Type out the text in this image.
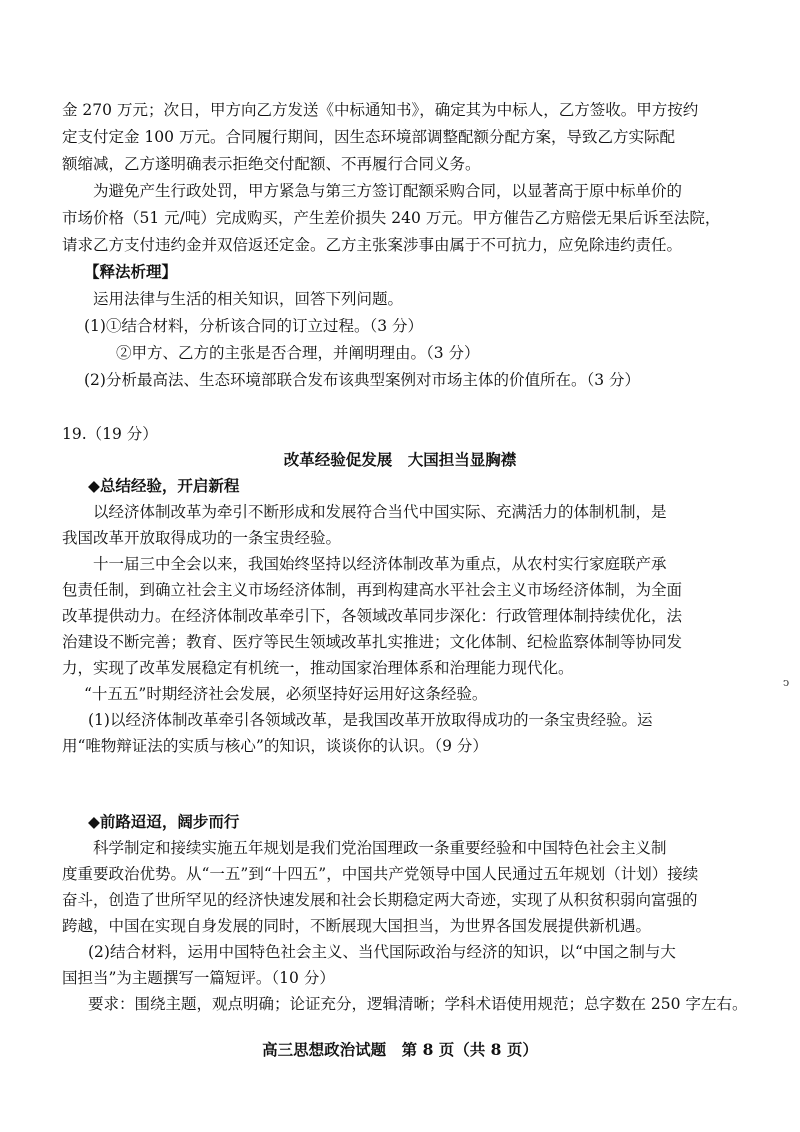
金 270 万元；次日，甲方向乙方发送《中标通知书》，确定其为中标人，乙方签收。甲方按约
定支付定金 100 万元。合同履行期间，因生态环境部调整配额分配方案，导致乙方实际配
额缩减，乙方遂明确表示拒绝交付配额、不再履行合同义务。
为避免产生行政处罚，甲方紧急与第三方签订配额采购合同，以显著高于原中标单价的
市场价格（51 元/吨）完成购买，产生差价损失 240 万元。甲方催告乙方赔偿无果后诉至法院，
请求乙方支付违约金并双倍返还定金。乙方主张案涉事由属于不可抗力，应免除违约责任。
【释法析理】
运用法律与生活的相关知识，回答下列问题。
(1)①结合材料，分析该合同的订立过程。（3 分）
②甲方、乙方的主张是否合理，并阐明理由。（3 分）
(2)分析最高法、生态环境部联合发布该典型案例对市场主体的价值所在。（3 分）
19.（19 分）
改革经验促发展　大国担当显胸襟
◆总结经验，开启新程
以经济体制改革为牵引不断形成和发展符合当代中国实际、充满活力的体制机制，是
我国改革开放取得成功的一条宝贵经验。
十一届三中全会以来，我国始终坚持以经济体制改革为重点，从农村实行家庭联产承
包责任制，到确立社会主义市场经济体制，再到构建高水平社会主义市场经济体制，为全面
改革提供动力。在经济体制改革牵引下，各领域改革同步深化：行政管理体制持续优化，法
治建设不断完善；教育、医疗等民生领域改革扎实推进；文化体制、纪检监察体制等协同发
力，实现了改革发展稳定有机统一，推动国家治理体系和治理能力现代化。
“十五五”时期经济社会发展，必须坚持好运用好这条经验。
(1)以经济体制改革牵引各领域改革，是我国改革开放取得成功的一条宝贵经验。运
用“唯物辩证法的实质与核心”的知识，谈谈你的认识。（9 分）
◆前路迢迢，阔步而行
科学制定和接续实施五年规划是我们党治国理政一条重要经验和中国特色社会主义制
度重要政治优势。从“一五”到“十四五”，中国共产党领导中国人民通过五年规划（计划）接续
奋斗，创造了世所罕见的经济快速发展和社会长期稳定两大奇迹，实现了从积贫积弱向富强的
跨越，中国在实现自身发展的同时，不断展现大国担当，为世界各国发展提供新机遇。
(2)结合材料，运用中国特色社会主义、当代国际政治与经济的知识，以“中国之制与大
国担当”为主题撰写一篇短评。（10 分）
要求：围绕主题，观点明确；论证充分，逻辑清晰；学科术语使用规范；总字数在 250 字左右。
高三思想政治试题　第 8 页（共 8 页）
ͻ
